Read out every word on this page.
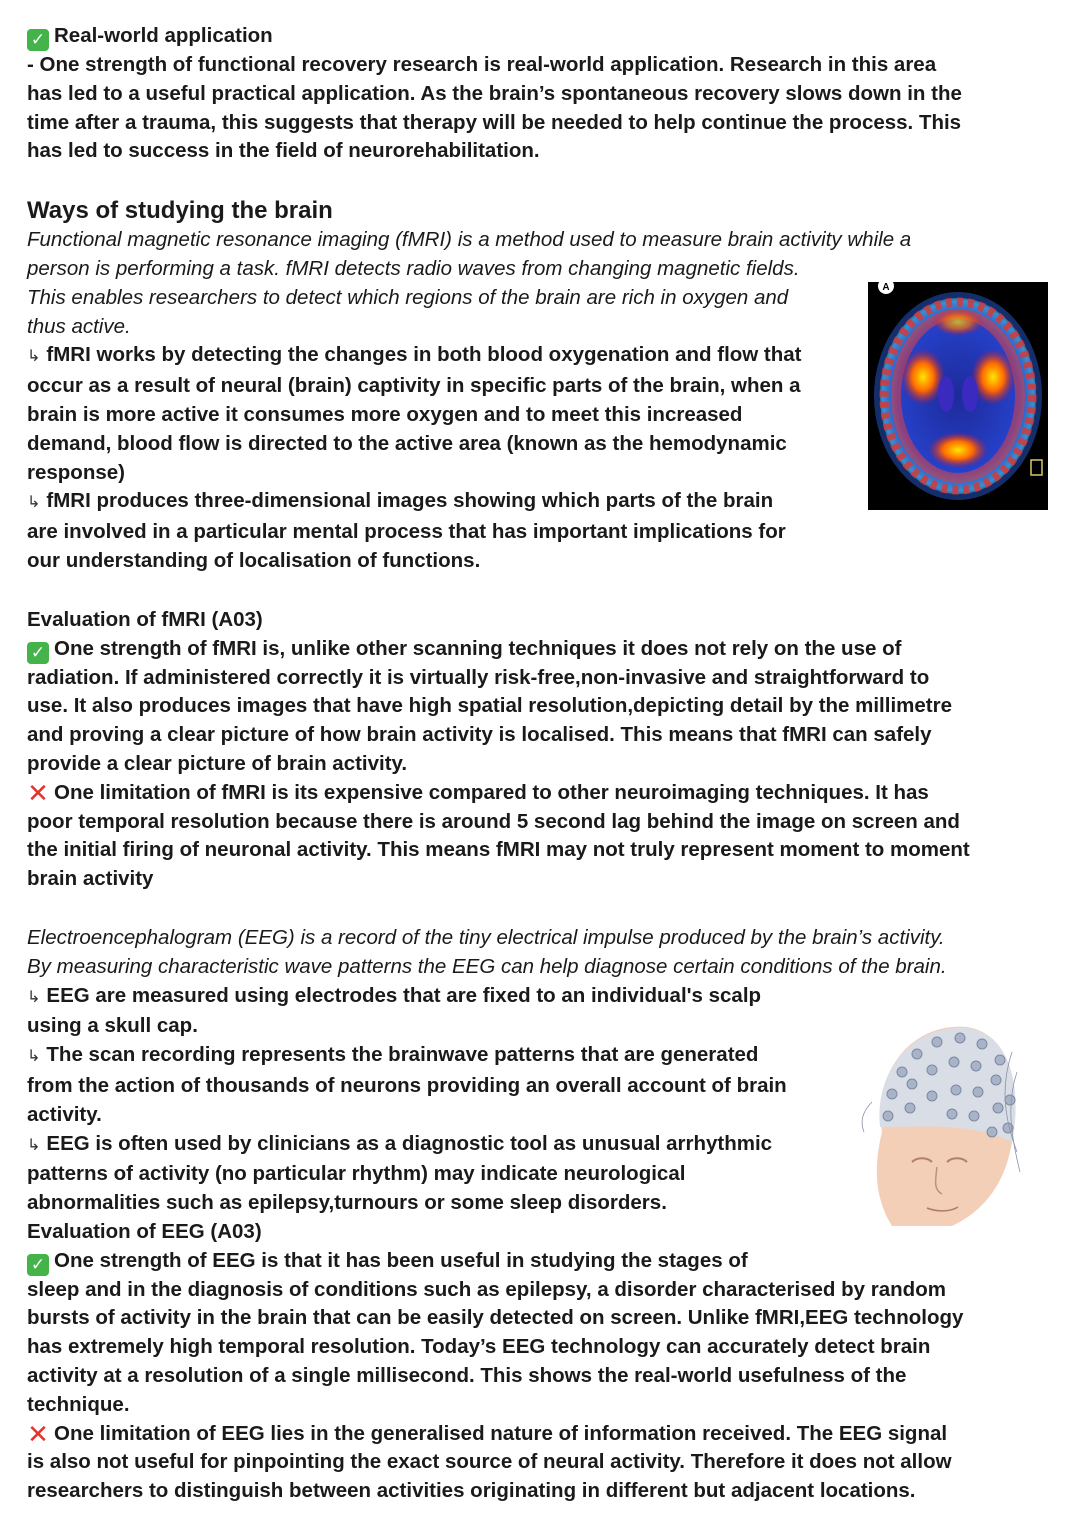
✓ Real-world application
- One strength of functional recovery research is real-world application. Research in this area
has led to a useful practical application. As the brain’s spontaneous recovery slows down in the
time after a trauma, this suggests that therapy will be needed to help continue the process. This
has led to success in the field of neurorehabilitation.
Ways of studying the brain
Functional magnetic resonance imaging (fMRI) is a method used to measure brain activity while a
person is performing a task. fMRI detects radio waves from changing magnetic fields.
This enables researchers to detect which regions of the brain are rich in oxygen and
thus active.
↳ fMRI works by detecting the changes in both blood oxygenation and flow that
occur as a result of neural (brain) captivity in specific parts of the brain, when a
brain is more active it consumes more oxygen and to meet this increased
demand, blood flow is directed to the active area (known as the hemodynamic
response)
↳ fMRI produces three-dimensional images showing which parts of the brain
are involved in a particular mental process that has important implications for
our understanding of localisation of functions.
Evaluation of fMRI (A03)
✓ One strength of fMRI is, unlike other scanning techniques it does not rely on the use of
radiation. If administered correctly it is virtually risk-free,non-invasive and straightforward to
use. It also produces images that have high spatial resolution,depicting detail by the millimetre
and proving a clear picture of how brain activity is localised. This means that fMRI can safely
provide a clear picture of brain activity.
✕ One limitation of fMRI is its expensive compared to other neuroimaging techniques. It has
poor temporal resolution because there is around 5 second lag behind the image on screen and
the initial firing of neuronal activity. This means fMRI may not truly represent moment to moment
brain activity
Electroencephalogram (EEG) is a record of the tiny electrical impulse produced by the brain’s activity.
By measuring characteristic wave patterns the EEG can help diagnose certain conditions of the brain.
↳ EEG are measured using electrodes that are fixed to an individual's scalp
using a skull cap.
↳ The scan recording represents the brainwave patterns that are generated
from the action of thousands of neurons providing an overall account of brain
activity.
↳ EEG is often used by clinicians as a diagnostic tool as unusual arrhythmic
patterns of activity (no particular rhythm) may indicate neurological
abnormalities such as epilepsy,turnours or some sleep disorders.
Evaluation of EEG (A03)
✓ One strength of EEG is that it has been useful in studying the stages of
sleep and in the diagnosis of conditions such as epilepsy, a disorder characterised by random
bursts of activity in the brain that can be easily detected on screen. Unlike fMRI,EEG technology
has extremely high temporal resolution. Today’s EEG technology can accurately detect brain
activity at a resolution of a single millisecond. This shows the real-world usefulness of the
technique.
✕ One limitation of EEG lies in the generalised nature of information received. The EEG signal
is also not useful for pinpointing the exact source of neural activity. Therefore it does not allow
researchers to distinguish between activities originating in different but adjacent locations.
A
